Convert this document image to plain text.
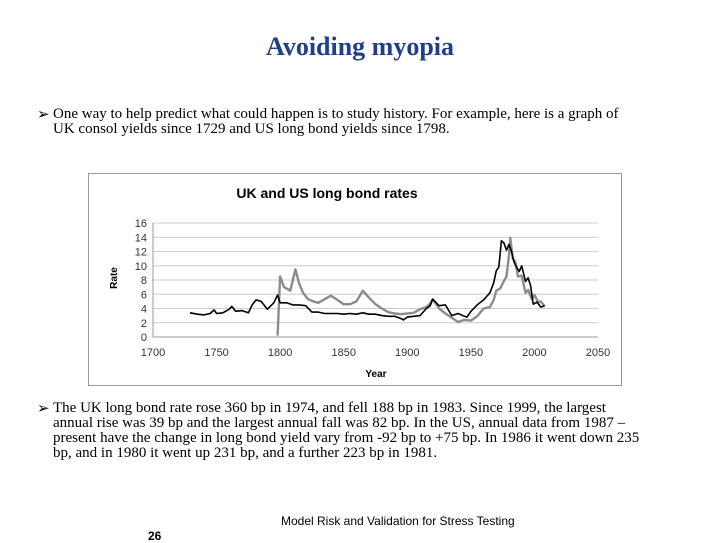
Avoiding myopia
➢ One way to help predict what could happen is to study history. For example, here is a graph of
UK consol yields since 1729 and US long bond yields since 1798.
UK and US long bond rates
0
2
4
6
8
10
12
14
16
1700	1750	1800	1850	1900	1950	2000	2050
Rate
Year
➢ The UK long bond rate rose 360 bp in 1974, and fell 188 bp in 1983. Since 1999, the largest
annual rise was 39 bp and the largest annual fall was 82 bp. In the US, annual data from 1987 –
present have the change in long bond yield vary from -92 bp to +75 bp. In 1986 it went down 235
bp, and in 1980 it went up 231 bp, and a further 223 bp in 1981.
Model Risk and Validation for Stress Testing
26
